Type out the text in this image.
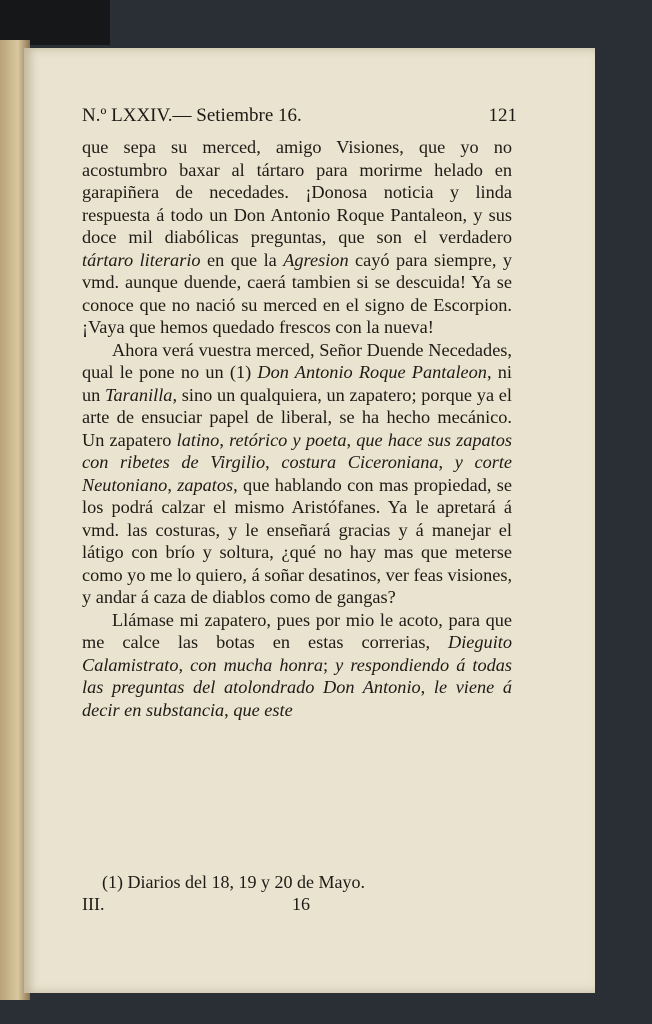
N.º LXXIV.— Setiembre 16.	121

que sepa su merced, amigo Visiones, que yo no acostumbro baxar al tártaro para morirme helado en garapiñera de necedades. ¡Donosa noticia y linda respuesta á todo un Don Antonio Roque Pantaleon, y sus doce mil diabólicas preguntas, que son el verdadero tártaro literario en que la Agresion cayó para siempre, y vmd. aunque duende, caerá tambien si se descuida! Ya se conoce que no nació su merced en el signo de Escorpion. ¡Vaya que hemos quedado frescos con la nueva!

Ahora verá vuestra merced, Señor Duende Necedades, qual le pone no un (1) Don Antonio Roque Pantaleon, ni un Taranilla, sino un qualquiera, un zapatero; porque ya el arte de ensuciar papel de liberal, se ha hecho mecánico. Un zapatero latino, retórico y poeta, que hace sus zapatos con ribetes de Virgilio, costura Ciceroniana, y corte Neutoniano, zapatos, que hablando con mas propiedad, se los podrá calzar el mismo Aristófanes. Ya le apretará á vmd. las costuras, y le enseñará gracias y á manejar el látigo con brío y soltura, ¿qué no hay mas que meterse como yo me lo quiero, á soñar desatinos, ver feas visiones, y andar á caza de diablos como de gangas?

Llámase mi zapatero, pues por mio le acoto, para que me calce las botas en estas correrias, Dieguito Calamistrato, con mucha honra; y respondiendo á todas las preguntas del atolondrado Don Antonio, le viene á decir en substancia, que este

(1) Diarios del 18, 19 y 20 de Mayo.
III.	16
